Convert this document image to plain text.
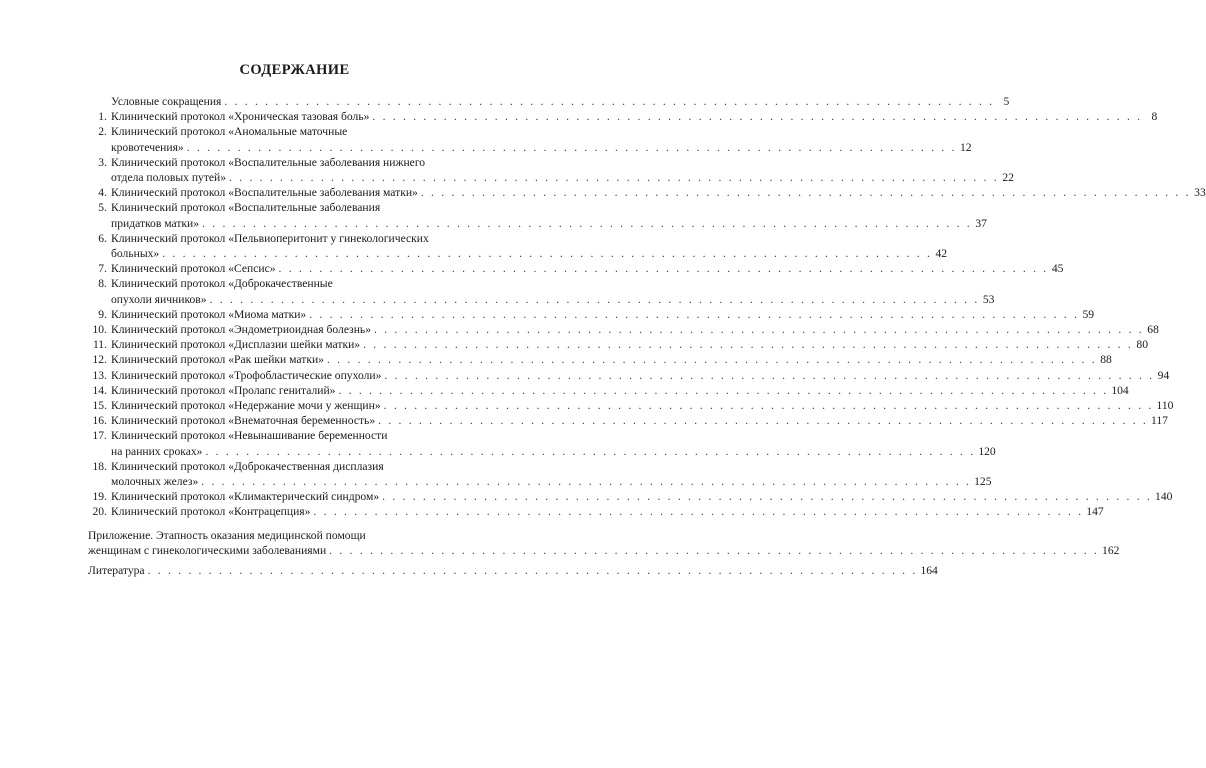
СОДЕРЖАНИЕ
Условные сокращения . . . . . . . . . . . . . . . . . . . . . . . . . . . . . . . . . . . . . . . . . . . . . . . . . . . . . . . . . . . . . . . . . . . . . . . . . . . . 5
1. Клинический протокол «Хроническая тазовая боль» . . . . . . . . . . . . . . . . . . . . . . . . . . . . . . . . . . . . . . . . . . . . . . . . . . . . . . . . . . . . . . . . . . . . . . . . . . . . 8
2. Клинический протокол «Аномальные маточные
кровотечения» . . . . . . . . . . . . . . . . . . . . . . . . . . . . . . . . . . . . . . . . . . . . . . . . . . . . . . . . . . . . . . . . . . . . . . . . . . . . 12
3. Клинический протокол «Воспалительные заболевания нижнего
отдела половых путей» . . . . . . . . . . . . . . . . . . . . . . . . . . . . . . . . . . . . . . . . . . . . . . . . . . . . . . . . . . . . . . . . . . . . . . . . . . . . 22
4. Клинический протокол «Воспалительные заболевания матки» . . . . . . . . . . . . . . . . . . . . . . . . . . . . . . . . . . . . . . . . . . . . . . . . . . . . . . . . . . . . . . . . . . . . . . . . . . . . 33
5. Клинический протокол «Воспалительные заболевания
придатков матки» . . . . . . . . . . . . . . . . . . . . . . . . . . . . . . . . . . . . . . . . . . . . . . . . . . . . . . . . . . . . . . . . . . . . . . . . . . . . 37
6. Клинический протокол «Пельвиоперитонит у гинекологических
больных» . . . . . . . . . . . . . . . . . . . . . . . . . . . . . . . . . . . . . . . . . . . . . . . . . . . . . . . . . . . . . . . . . . . . . . . . . . . . 42
7. Клинический протокол «Сепсис» . . . . . . . . . . . . . . . . . . . . . . . . . . . . . . . . . . . . . . . . . . . . . . . . . . . . . . . . . . . . . . . . . . . . . . . . . . . . 45
8. Клинический протокол «Доброкачественные
опухоли яичников» . . . . . . . . . . . . . . . . . . . . . . . . . . . . . . . . . . . . . . . . . . . . . . . . . . . . . . . . . . . . . . . . . . . . . . . . . . . . 53
9. Клинический протокол «Миома матки» . . . . . . . . . . . . . . . . . . . . . . . . . . . . . . . . . . . . . . . . . . . . . . . . . . . . . . . . . . . . . . . . . . . . . . . . . . . . 59
10. Клинический протокол «Эндометриоидная болезнь» . . . . . . . . . . . . . . . . . . . . . . . . . . . . . . . . . . . . . . . . . . . . . . . . . . . . . . . . . . . . . . . . . . . . . . . . . . . . 68
11. Клинический протокол «Дисплазии шейки матки» . . . . . . . . . . . . . . . . . . . . . . . . . . . . . . . . . . . . . . . . . . . . . . . . . . . . . . . . . . . . . . . . . . . . . . . . . . . . 80
12. Клинический протокол «Рак шейки матки» . . . . . . . . . . . . . . . . . . . . . . . . . . . . . . . . . . . . . . . . . . . . . . . . . . . . . . . . . . . . . . . . . . . . . . . . . . . . 88
13. Клинический протокол «Трофобластические опухоли» . . . . . . . . . . . . . . . . . . . . . . . . . . . . . . . . . . . . . . . . . . . . . . . . . . . . . . . . . . . . . . . . . . . . . . . . . . . . 94
14. Клинический протокол «Пролапс гениталий» . . . . . . . . . . . . . . . . . . . . . . . . . . . . . . . . . . . . . . . . . . . . . . . . . . . . . . . . . . . . . . . . . . . . . . . . . . . . 104
15. Клинический протокол «Недержание мочи у женщин» . . . . . . . . . . . . . . . . . . . . . . . . . . . . . . . . . . . . . . . . . . . . . . . . . . . . . . . . . . . . . . . . . . . . . . . . . . . . 110
16. Клинический протокол «Внематочная беременность» . . . . . . . . . . . . . . . . . . . . . . . . . . . . . . . . . . . . . . . . . . . . . . . . . . . . . . . . . . . . . . . . . . . . . . . . . . . . 117
17. Клинический протокол «Невынашивание беременности
на ранних сроках» . . . . . . . . . . . . . . . . . . . . . . . . . . . . . . . . . . . . . . . . . . . . . . . . . . . . . . . . . . . . . . . . . . . . . . . . . . . . 120
18. Клинический протокол «Доброкачественная дисплазия
молочных желез» . . . . . . . . . . . . . . . . . . . . . . . . . . . . . . . . . . . . . . . . . . . . . . . . . . . . . . . . . . . . . . . . . . . . . . . . . . . . 125
19. Клинический протокол «Климактерический синдром» . . . . . . . . . . . . . . . . . . . . . . . . . . . . . . . . . . . . . . . . . . . . . . . . . . . . . . . . . . . . . . . . . . . . . . . . . . . . 140
20. Клинический протокол «Контрацепция» . . . . . . . . . . . . . . . . . . . . . . . . . . . . . . . . . . . . . . . . . . . . . . . . . . . . . . . . . . . . . . . . . . . . . . . . . . . . 147
Приложение. Этапность оказания медицинской помощи
женщинам с гинекологическими заболеваниями . . . . . . . . . . . . . . . . . . . . . . . . . . . . . . . . . . . . . . . . . . . . . . . . . . . . . . . . . . . . . . . . . . . . . . . . . . . . 162
Литература . . . . . . . . . . . . . . . . . . . . . . . . . . . . . . . . . . . . . . . . . . . . . . . . . . . . . . . . . . . . . . . . . . . . . . . . . . . . 164
